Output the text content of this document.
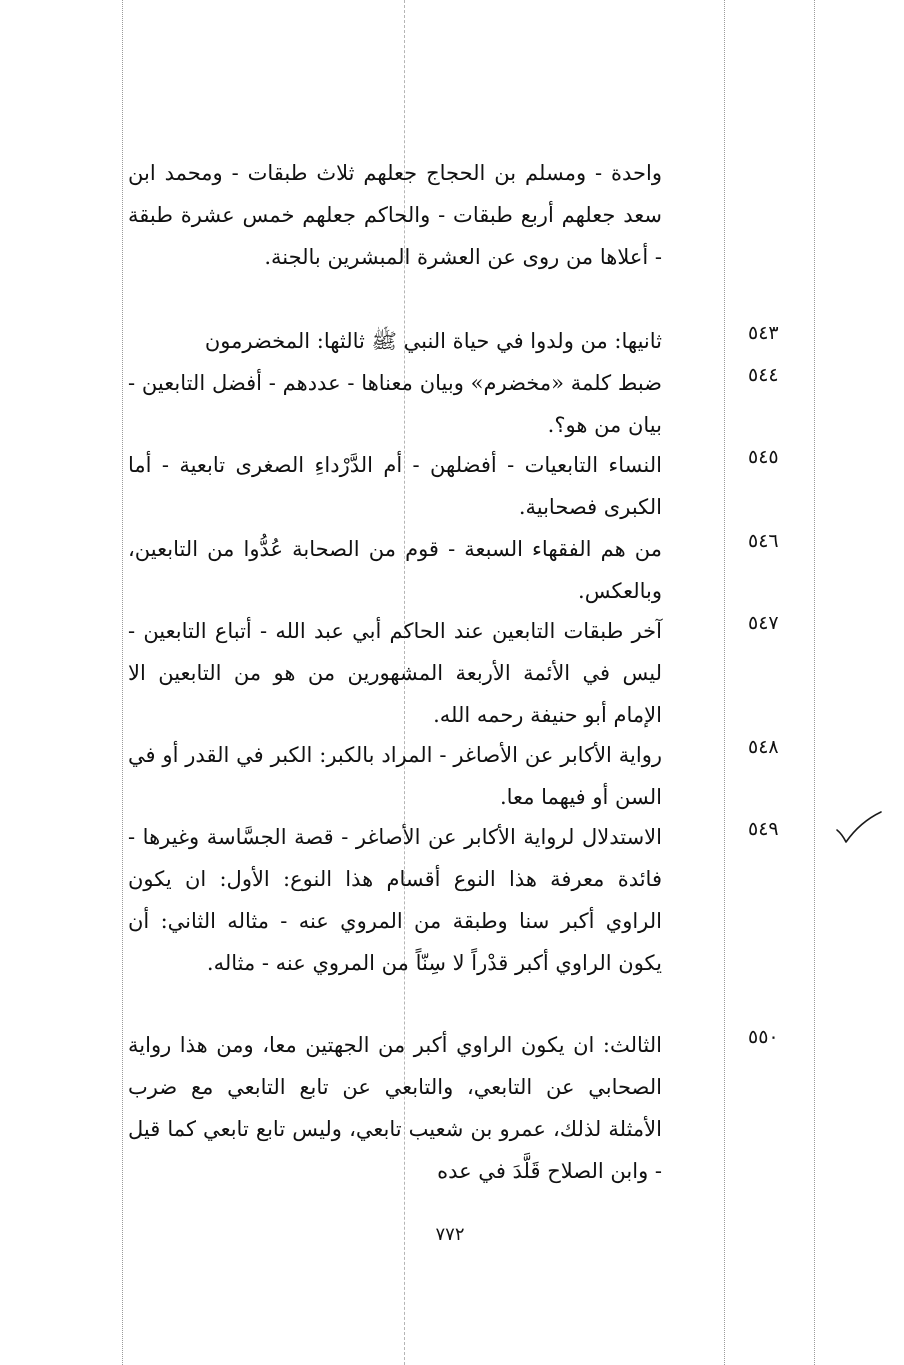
واحدة - ومسلم بن الحجاج جعلهم ثلاث طبقات - ومحمد ابن سعد جعلهم أربع طبقات - والحاكم جعلهم خمس عشرة طبقة - أعلاها من روى عن العشرة المبشرين بالجنة.
٥٤٣
ثانيها: من ولدوا في حياة النبي ﷺ ثالثها: المخضرمون
٥٤٤
ضبط كلمة «مخضرم» وبيان معناها - عددهم - أفضل التابعين - بيان من هو؟.
٥٤٥
النساء التابعيات - أفضلهن - أم الدَّرْداءِ الصغرى تابعية - أما الكبرى فصحابية.
٥٤٦
من هم الفقهاء السبعة - قوم من الصحابة عُدُّوا من التابعين، وبالعكس.
٥٤٧
آخر طبقات التابعين عند الحاكم أبي عبد الله - أتباع التابعين - ليس في الأئمة الأربعة المشهورين من هو من التابعين الا الإمام أبو حنيفة رحمه الله.
٥٤٨
رواية الأكابر عن الأصاغر - المراد بالكبر: الكبر في القدر أو في السن أو فيهما معا.
٥٤٩
الاستدلال لرواية الأكابر عن الأصاغر - قصة الجسَّاسة وغيرها - فائدة معرفة هذا النوع أقسام هذا النوع: الأول: ان يكون الراوي أكبر سنا وطبقة من المروي عنه - مثاله الثاني: أن يكون الراوي أكبر قدْراً لا سِنّاً من المروي عنه - مثاله.
٥٥٠
الثالث: ان يكون الراوي أكبر من الجهتين معا، ومن هذا رواية الصحابي عن التابعي، والتابعي عن تابع التابعي مع ضرب الأمثلة لذلك، عمرو بن شعيب تابعي، وليس تابع تابعي كما قيل - وابن الصلاح قَلَّدَ في عده
٧٧٢
